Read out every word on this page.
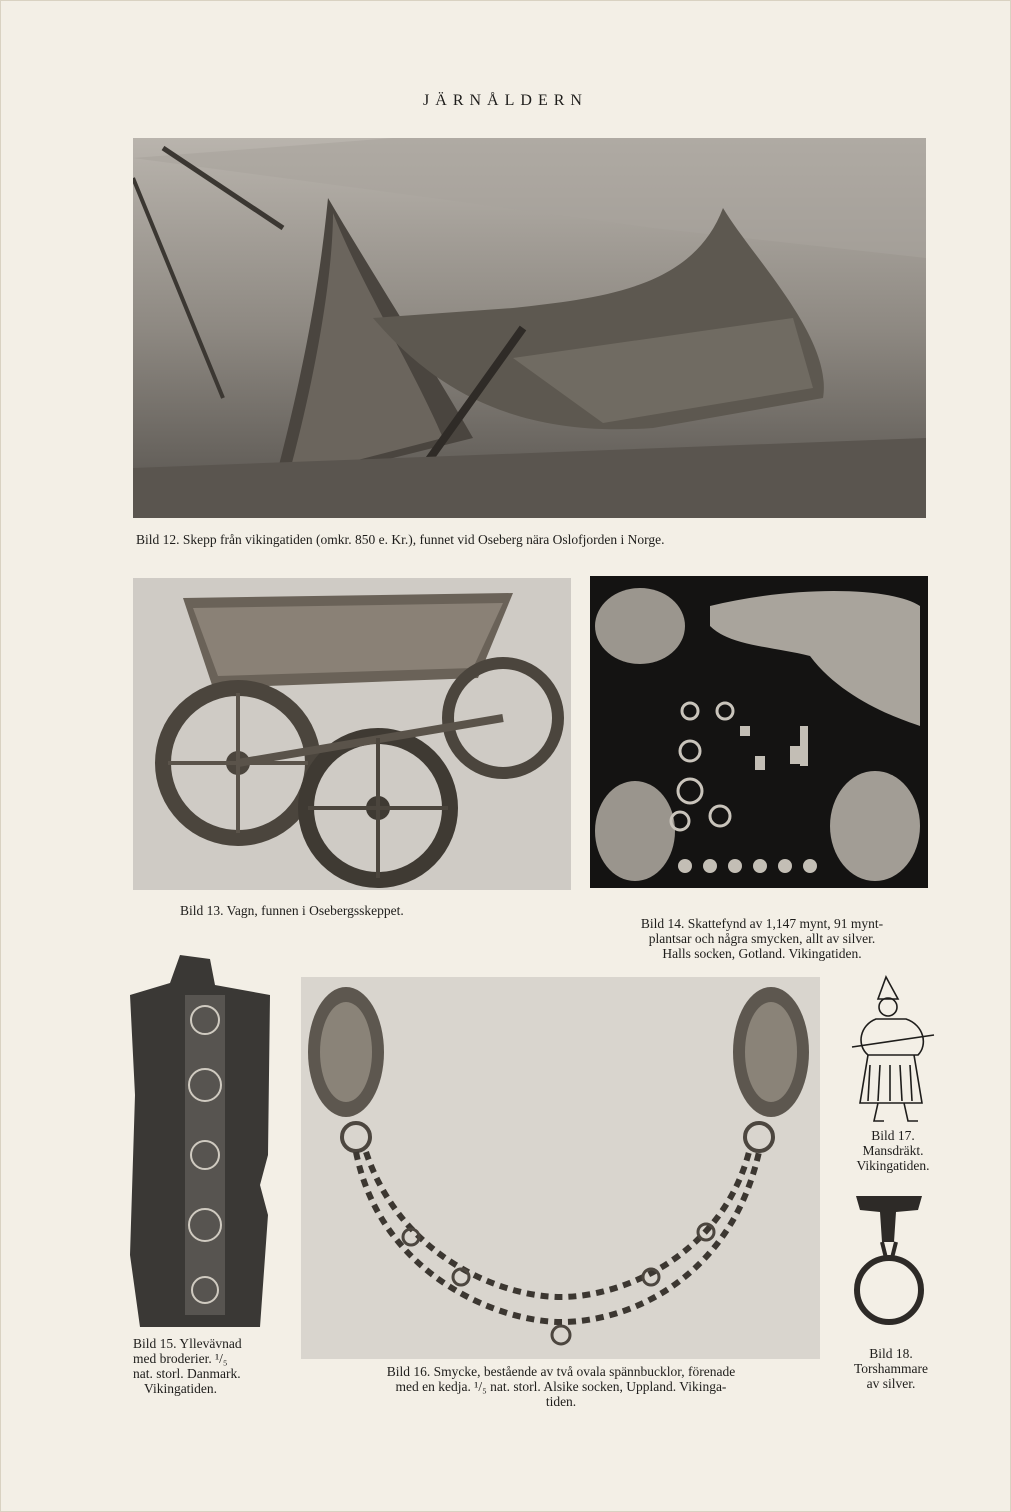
JÄRNÅLDERN
Bild 12. Skepp från vikingatiden (omkr. 850 e. Kr.), funnet vid Oseberg nära Oslofjorden i Norge.
Bild 13. Vagn, funnen i Osebergsskeppet.
Bild 14. Skattefynd av 1,147 mynt, 91 mynt-
plantsar och några smycken, allt av silver.
Halls socken, Gotland. Vikingatiden.
Bild 15. Yllevävnad
med broderier. ¹/₅
nat. storl. Danmark.
Vikingatiden.
Bild 16. Smycke, bestående av två ovala spännbucklor, förenade
med en kedja. ¹/₅ nat. storl. Alsike socken, Uppland. Vikinga-
tiden.
Bild 17.
Mansdräkt.
Vikingatiden.
Bild 18.
Torshammare
av silver.
